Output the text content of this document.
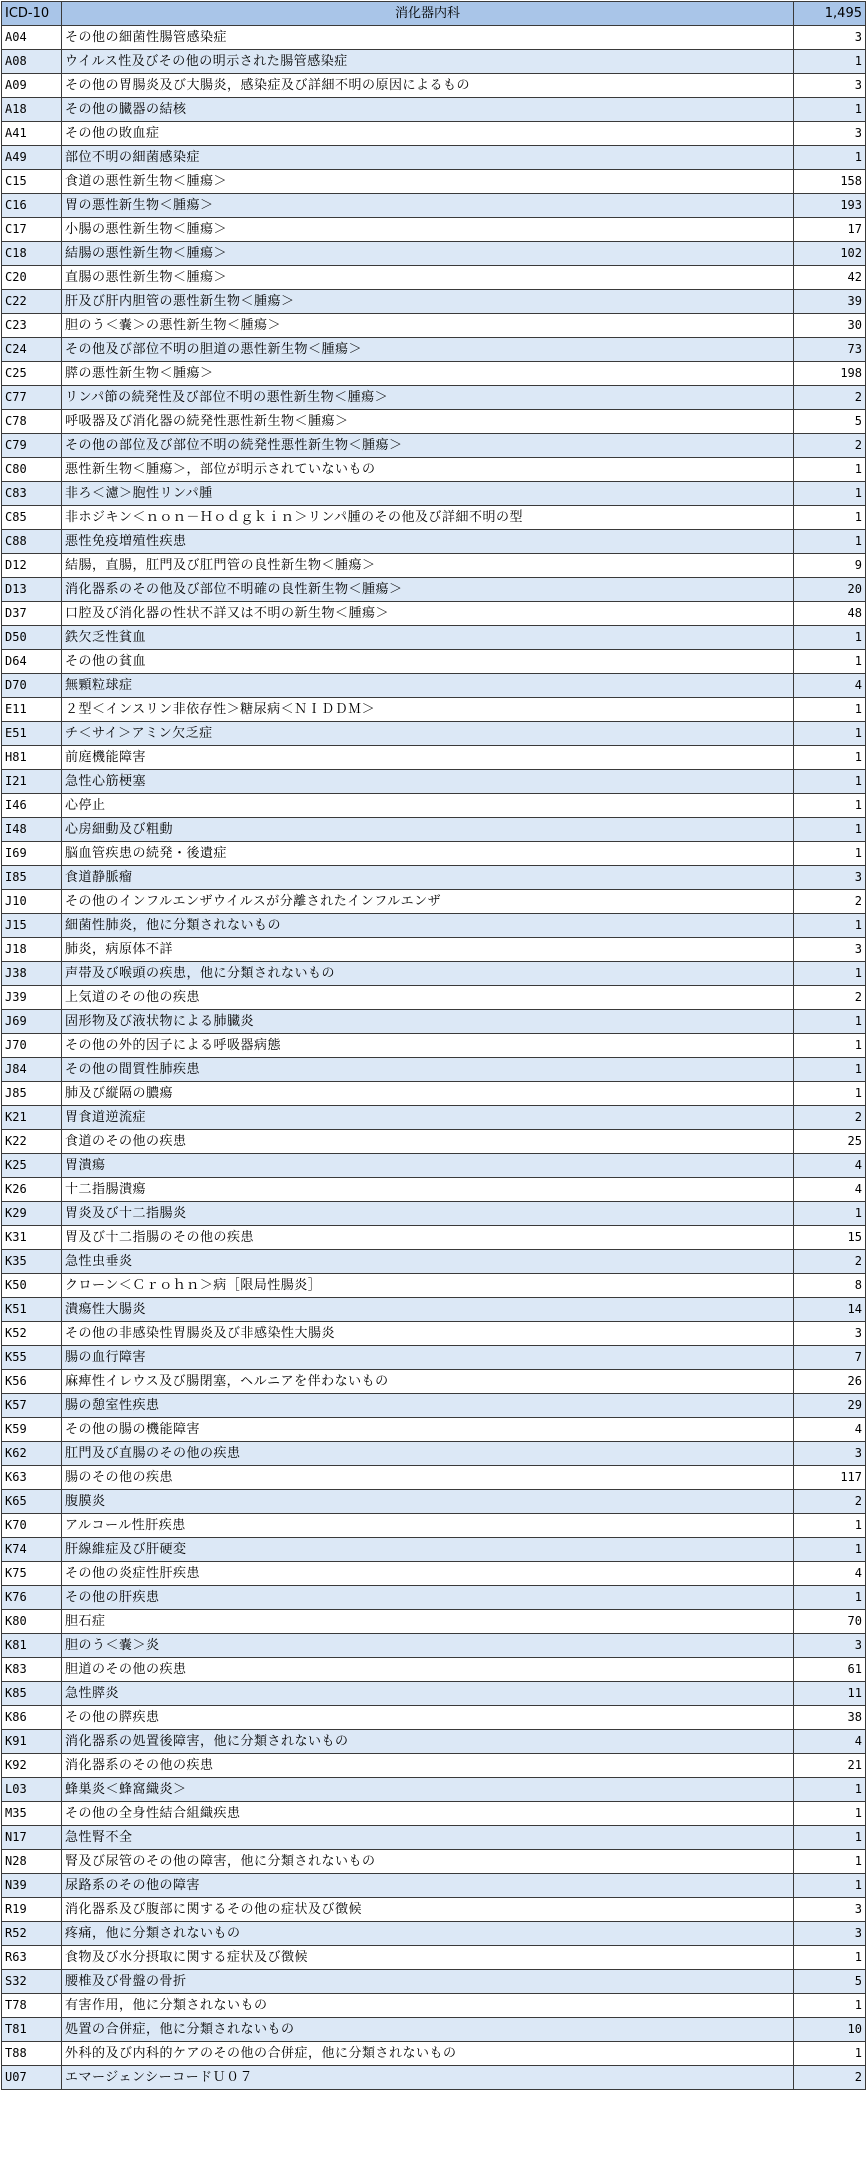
ICD-10	消化器内科	1,495
A04	その他の細菌性腸管感染症	3
A08	ウイルス性及びその他の明示された腸管感染症	1
A09	その他の胃腸炎及び大腸炎，感染症及び詳細不明の原因によるもの	3
A18	その他の臓器の結核	1
A41	その他の敗血症	3
A49	部位不明の細菌感染症	1
C15	食道の悪性新生物＜腫瘍＞	158
C16	胃の悪性新生物＜腫瘍＞	193
C17	小腸の悪性新生物＜腫瘍＞	17
C18	結腸の悪性新生物＜腫瘍＞	102
C20	直腸の悪性新生物＜腫瘍＞	42
C22	肝及び肝内胆管の悪性新生物＜腫瘍＞	39
C23	胆のう＜嚢＞の悪性新生物＜腫瘍＞	30
C24	その他及び部位不明の胆道の悪性新生物＜腫瘍＞	73
C25	膵の悪性新生物＜腫瘍＞	198
C77	リンパ節の続発性及び部位不明の悪性新生物＜腫瘍＞	2
C78	呼吸器及び消化器の続発性悪性新生物＜腫瘍＞	5
C79	その他の部位及び部位不明の続発性悪性新生物＜腫瘍＞	2
C80	悪性新生物＜腫瘍＞，部位が明示されていないもの	1
C83	非ろ＜濾＞胞性リンパ腫	1
C85	非ホジキン＜ｎｏｎ－Ｈｏｄｇｋｉｎ＞リンパ腫のその他及び詳細不明の型	1
C88	悪性免疫増殖性疾患	1
D12	結腸，直腸，肛門及び肛門管の良性新生物＜腫瘍＞	9
D13	消化器系のその他及び部位不明確の良性新生物＜腫瘍＞	20
D37	口腔及び消化器の性状不詳又は不明の新生物＜腫瘍＞	48
D50	鉄欠乏性貧血	1
D64	その他の貧血	1
D70	無顆粒球症	4
E11	２型＜インスリン非依存性＞糖尿病＜ＮＩＤＤＭ＞	1
E51	チ＜サイ＞アミン欠乏症	1
H81	前庭機能障害	1
I21	急性心筋梗塞	1
I46	心停止	1
I48	心房細動及び粗動	1
I69	脳血管疾患の続発・後遺症	1
I85	食道静脈瘤	3
J10	その他のインフルエンザウイルスが分離されたインフルエンザ	2
J15	細菌性肺炎，他に分類されないもの	1
J18	肺炎，病原体不詳	3
J38	声帯及び喉頭の疾患，他に分類されないもの	1
J39	上気道のその他の疾患	2
J69	固形物及び液状物による肺臓炎	1
J70	その他の外的因子による呼吸器病態	1
J84	その他の間質性肺疾患	1
J85	肺及び縦隔の膿瘍	1
K21	胃食道逆流症	2
K22	食道のその他の疾患	25
K25	胃潰瘍	4
K26	十二指腸潰瘍	4
K29	胃炎及び十二指腸炎	1
K31	胃及び十二指腸のその他の疾患	15
K35	急性虫垂炎	2
K50	クローン＜Ｃｒｏｈｎ＞病［限局性腸炎］	8
K51	潰瘍性大腸炎	14
K52	その他の非感染性胃腸炎及び非感染性大腸炎	3
K55	腸の血行障害	7
K56	麻痺性イレウス及び腸閉塞，ヘルニアを伴わないもの	26
K57	腸の憩室性疾患	29
K59	その他の腸の機能障害	4
K62	肛門及び直腸のその他の疾患	3
K63	腸のその他の疾患	117
K65	腹膜炎	2
K70	アルコール性肝疾患	1
K74	肝線維症及び肝硬変	1
K75	その他の炎症性肝疾患	4
K76	その他の肝疾患	1
K80	胆石症	70
K81	胆のう＜嚢＞炎	3
K83	胆道のその他の疾患	61
K85	急性膵炎	11
K86	その他の膵疾患	38
K91	消化器系の処置後障害，他に分類されないもの	4
K92	消化器系のその他の疾患	21
L03	蜂巣炎＜蜂窩織炎＞	1
M35	その他の全身性結合組織疾患	1
N17	急性腎不全	1
N28	腎及び尿管のその他の障害，他に分類されないもの	1
N39	尿路系のその他の障害	1
R19	消化器系及び腹部に関するその他の症状及び徴候	3
R52	疼痛，他に分類されないもの	3
R63	食物及び水分摂取に関する症状及び徴候	1
S32	腰椎及び骨盤の骨折	5
T78	有害作用，他に分類されないもの	1
T81	処置の合併症，他に分類されないもの	10
T88	外科的及び内科的ケアのその他の合併症，他に分類されないもの	1
U07	エマージェンシーコードＵ０７	2
